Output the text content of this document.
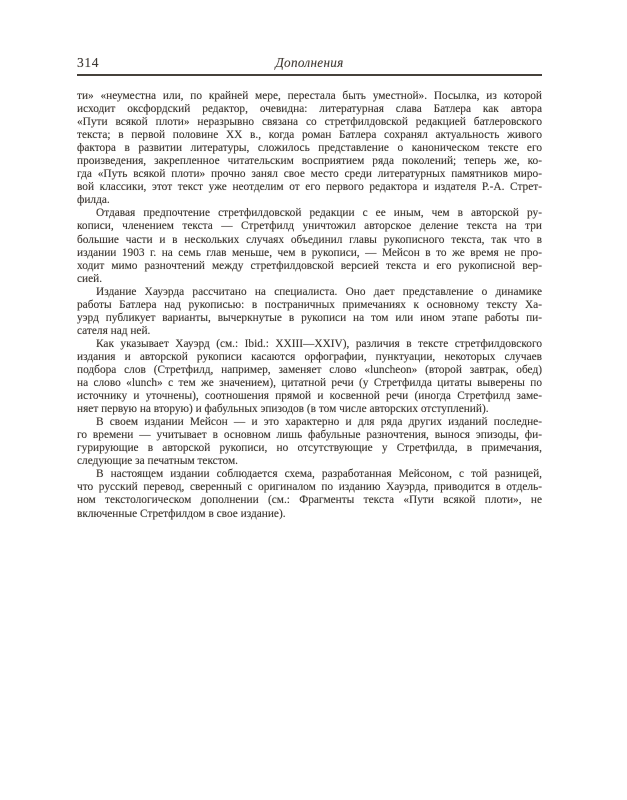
314	Дополнения
ти» «неуместна или, по крайней мере, перестала быть уместной». Посылка, из которой
исходит оксфордский редактор, очевидна: литературная слава Батлера как автора
«Пути всякой плоти» неразрывно связана со стретфилдовской редакцией батлеровского
текста; в первой половине XX в., когда роман Батлера сохранял актуальность живого
фактора в развитии литературы, сложилось представление о каноническом тексте его
произведения, закрепленное читательским восприятием ряда поколений; теперь же, ко-
гда «Путь всякой плоти» прочно занял свое место среди литературных памятников миро-
вой классики, этот текст уже неотделим от его первого редактора и издателя Р.-А. Стрет-
филда.
Отдавая предпочтение стретфилдовской редакции с ее иным, чем в авторской ру-
кописи, членением текста — Стретфилд уничтожил авторское деление текста на три
большие части и в нескольких случаях объединил главы рукописного текста, так что в
издании 1903 г. на семь глав меньше, чем в рукописи, — Мейсон в то же время не про-
ходит мимо разночтений между стретфилдовской версией текста и его рукописной вер-
сией.
Издание Хауэрда рассчитано на специалиста. Оно дает представление о динамике
работы Батлера над рукописью: в постраничных примечаниях к основному тексту Ха-
уэрд публикует варианты, вычеркнутые в рукописи на том или ином этапе работы пи-
сателя над ней.
Как указывает Хауэрд (см.: Ibid.: XXIII—XXIV), различия в тексте стретфилдовского
издания и авторской рукописи касаются орфографии, пунктуации, некоторых случаев
подбора слов (Стретфилд, например, заменяет слово «luncheon» (второй завтрак, обед)
на слово «lunch» с тем же значением), цитатной речи (у Стретфилда цитаты выверены по
источнику и уточнены), соотношения прямой и косвенной речи (иногда Стретфилд заме-
няет первую на вторую) и фабульных эпизодов (в том числе авторских отступлений).
В своем издании Мейсон — и это характерно и для ряда других изданий последне-
го времени — учитывает в основном лишь фабульные разночтения, вынося эпизоды, фи-
гурирующие в авторской рукописи, но отсутствующие у Стретфилда, в примечания,
следующие за печатным текстом.
В настоящем издании соблюдается схема, разработанная Мейсоном, с той разницей,
что русский перевод, сверенный с оригиналом по изданию Хауэрда, приводится в отдель-
ном текстологическом дополнении (см.: Фрагменты текста «Пути всякой плоти», не
включенные Стретфилдом в свое издание).
